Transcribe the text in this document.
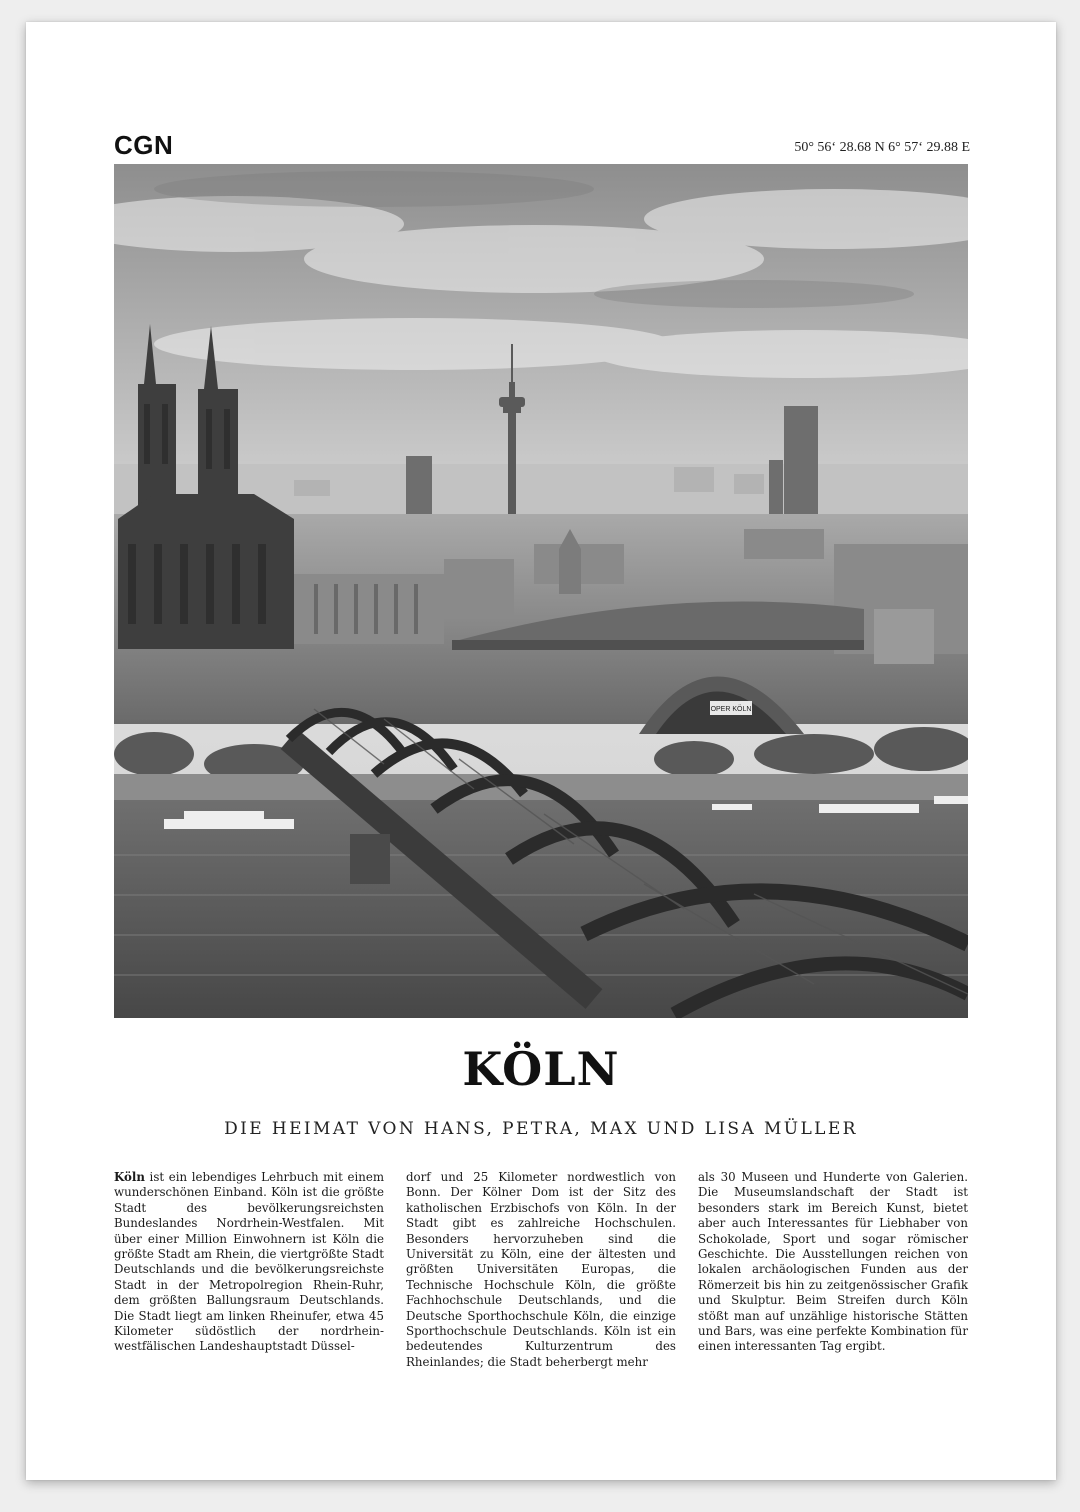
CGN	50° 56‘ 28.68 N 6° 57‘ 29.88 E
OPER KÖLN
KÖLN

DIE HEIMAT VON HANS, PETRA, MAX UND LISA MÜLLER

Köln ist ein lebendiges Lehrbuch mit einem wunderschönen Einband. Köln ist die größte Stadt des bevölkerungsreichsten Bundeslandes Nordrhein-Westfalen. Mit über einer Million Einwohnern ist Köln die größte Stadt am Rhein, die viertgrößte Stadt Deutschlands und die bevölkerungsreichste Stadt in der Metropolregion Rhein-Ruhr, dem größten Ballungsraum Deutschlands. Die Stadt liegt am linken Rheinufer, etwa 45 Kilometer südöstlich der nordrhein-westfälischen Landeshauptstadt Düssel-

dorf und 25 Kilometer nordwestlich von Bonn. Der Kölner Dom ist der Sitz des katholischen Erzbischofs von Köln. In der Stadt gibt es zahlreiche Hochschulen. Besonders hervorzuheben sind die Universität zu Köln, eine der ältesten und größten Universitäten Europas, die Technische Hochschule Köln, die größte Fachhochschule Deutschlands, und die Deutsche Sporthochschule Köln, die einzige Sporthochschule Deutschlands. Köln ist ein bedeutendes Kulturzentrum des Rheinlandes; die Stadt beherbergt mehr

als 30 Museen und Hunderte von Galerien. Die Museumslandschaft der Stadt ist besonders stark im Bereich Kunst, bietet aber auch Interessantes für Liebhaber von Schokolade, Sport und sogar römischer Geschichte. Die Ausstellungen reichen von lokalen archäologischen Funden aus der Römerzeit bis hin zu zeitgenössischer Grafik und Skulptur. Beim Streifen durch Köln stößt man auf unzählige historische Stätten und Bars, was eine perfekte Kombination für einen interessanten Tag ergibt.
